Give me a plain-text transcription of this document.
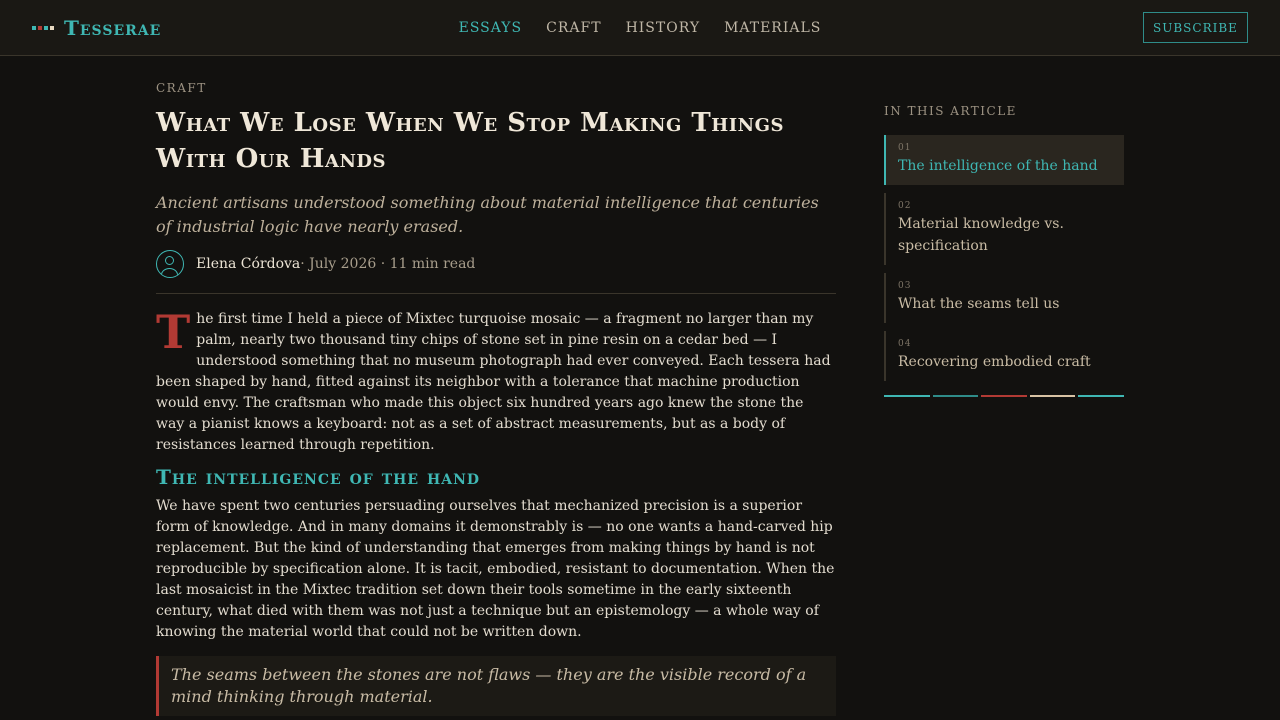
Tesserae	ESSAYS CRAFT HISTORY MATERIALS	SUBSCRIBE
CRAFT
What We Lose When We Stop Making Things With Our Hands

Ancient artisans understood something about material intelligence that centuries of industrial logic have nearly erased.

Elena Córdova · July 2026 · 11 min read

The first time I held a piece of Mixtec turquoise mosaic — a fragment no larger than my palm, nearly two thousand tiny chips of stone set in pine resin on a cedar bed — I understood something that no museum photograph had ever conveyed. Each tessera had been shaped by hand, fitted against its neighbor with a tolerance that machine production would envy. The craftsman who made this object six hundred years ago knew the stone the way a pianist knows a keyboard: not as a set of abstract measurements, but as a body of resistances learned through repetition.

The intelligence of the hand

We have spent two centuries persuading ourselves that mechanized precision is a superior form of knowledge. And in many domains it demonstrably is — no one wants a hand-carved hip replacement. But the kind of understanding that emerges from making things by hand is not reproducible by specification alone. It is tacit, embodied, resistant to documentation. When the last mosaicist in the Mixtec tradition set down their tools sometime in the early sixteenth century, what died with them was not just a technique but an epistemology — a whole way of knowing the material world that could not be written down.

The seams between the stones are not flaws — they are the visible record of a mind thinking through material.
IN THIS ARTICLE
01
The intelligence of the hand
02
Material knowledge vs. specification
03
What the seams tell us
04
Recovering embodied craft
